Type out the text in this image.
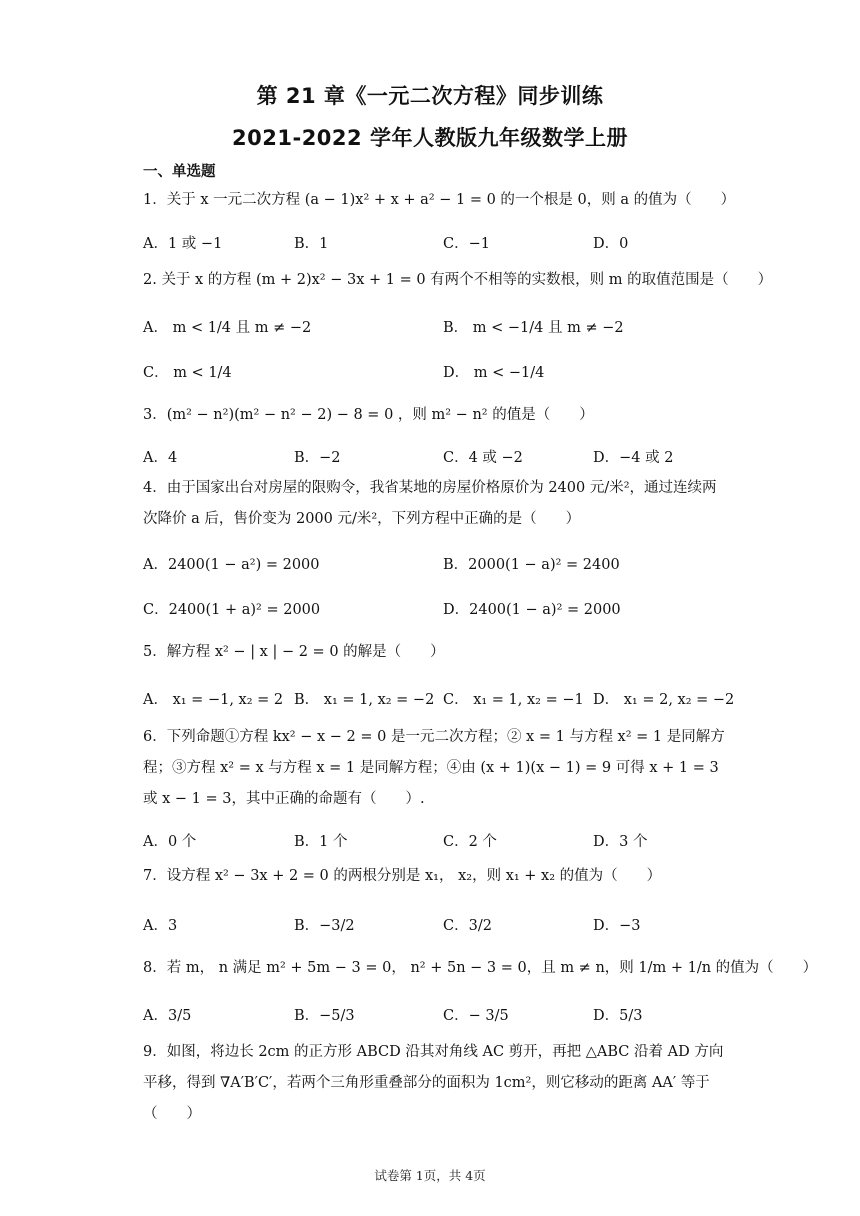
第 21 章《一元二次方程》同步训练
2021-2022 学年人教版九年级数学上册
一、单选题
1．关于 x 一元二次方程 (a − 1)x² + x + a² − 1 = 0 的一个根是 0，则 a 的值为（　　）
A．1 或 −1	B．1	C．−1	D．0
2. 关于 x 的方程 (m + 2)x² − 3x + 1 = 0 有两个不相等的实数根，则 m 的取值范围是（　　）
A． m < 1/4 且 m ≠ −2	B． m < −1/4 且 m ≠ −2
C． m < 1/4	D． m < −1/4
3．(m² − n²)(m² − n² − 2) − 8 = 0 ，则 m² − n² 的值是（　　）
A．4	B．−2	C．4 或 −2	D．−4 或 2
4．由于国家出台对房屋的限购令，我省某地的房屋价格原价为 2400 元/米²，通过连续两次降价 a 后，售价变为 2000 元/米²，下列方程中正确的是（　　）
A．2400(1 − a²) = 2000	B．2000(1 − a)² = 2400
C．2400(1 + a)² = 2000	D．2400(1 − a)² = 2000
5．解方程 x² − | x | − 2 = 0 的解是（　　）
A． x₁ = −1, x₂ = 2 B． x₁ = 1, x₂ = −2 C． x₁ = 1, x₂ = −1 D． x₁ = 2, x₂ = −2
6．下列命题①方程 kx² − x − 2 = 0 是一元二次方程；② x = 1 与方程 x² = 1 是同解方程；③方程 x² = x 与方程 x = 1 是同解方程；④由 (x + 1)(x − 1) = 9 可得 x + 1 = 3 或 x − 1 = 3，其中正确的命题有（　　）.
A．0 个	B．1 个	C．2 个	D．3 个
7．设方程 x² − 3x + 2 = 0 的两根分别是 x₁， x₂，则 x₁ + x₂ 的值为（　　）
A．3	B．−3/2	C．3/2	D．−3
8．若 m， n 满足 m² + 5m − 3 = 0， n² + 5n − 3 = 0，且 m ≠ n，则 1/m + 1/n 的值为（　　）
A．3/5	B．−5/3	C．− 3/5	D．5/3
9．如图，将边长 2cm 的正方形 ABCD 沿其对角线 AC 剪开，再把 △ABC 沿着 AD 方向平移，得到 ∇A′B′C′，若两个三角形重叠部分的面积为 1cm²，则它移动的距离 AA′ 等于（　　）
试卷第 1页，共 4页
